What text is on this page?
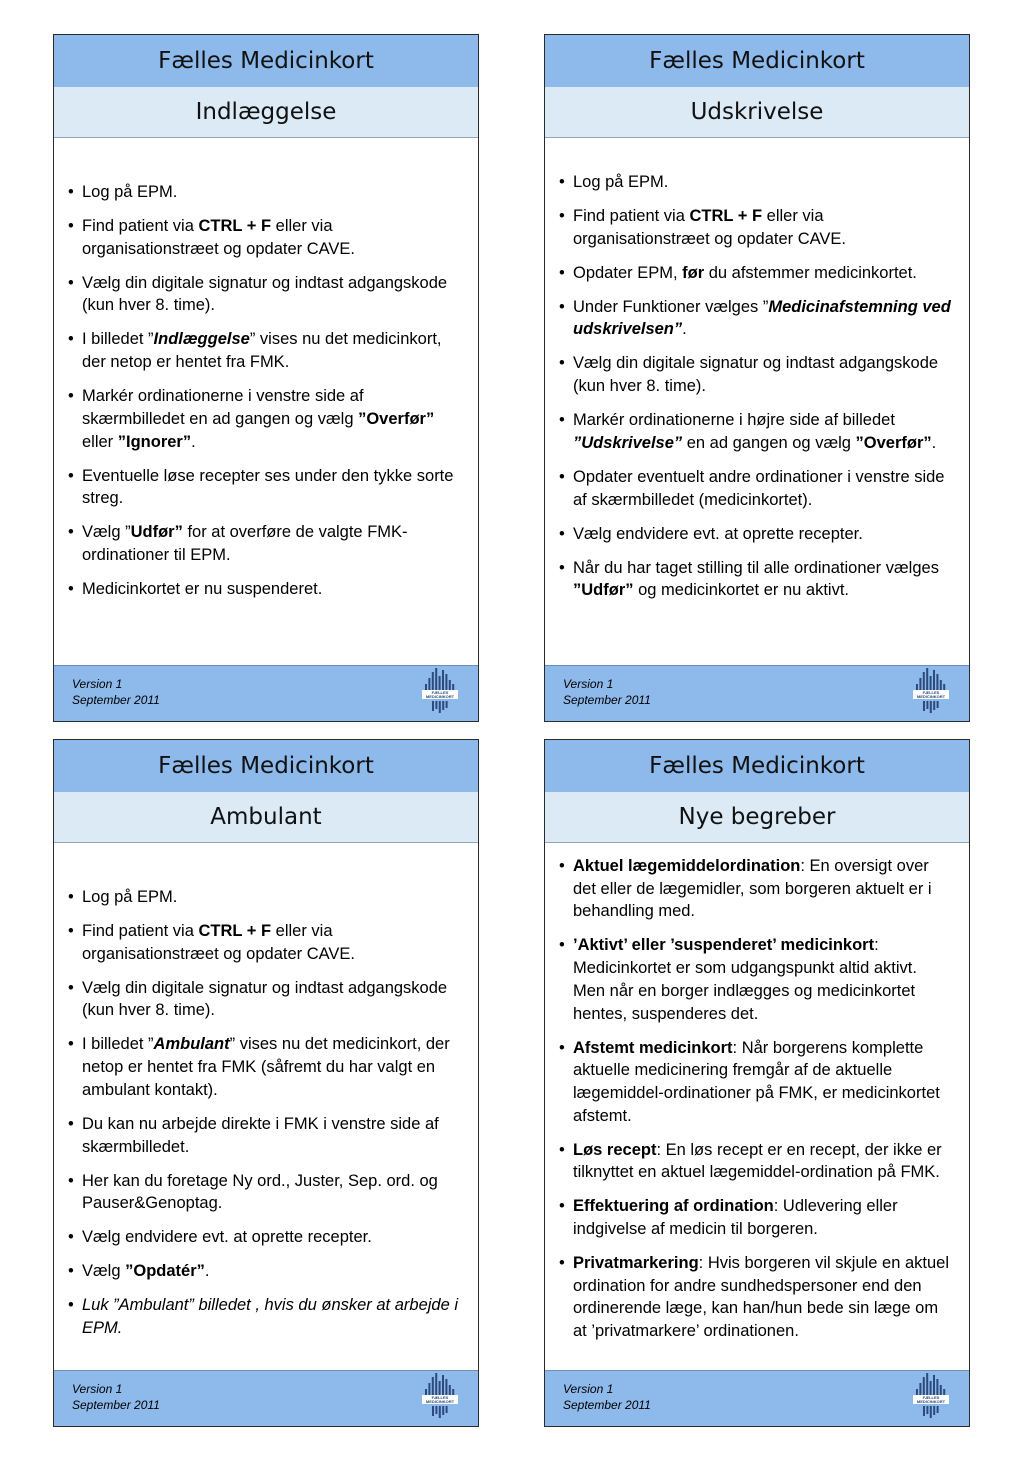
Fælles Medicinkort
Indlæggelse
• Log på EPM.
• Find patient via CTRL + F eller via organisationstræet og opdater CAVE.
• Vælg din digitale signatur og indtast adgangskode (kun hver 8. time).
• I billedet ”Indlæggelse” vises nu det medicinkort, der netop er hentet fra FMK.
• Markér ordinationerne i venstre side af skærmbilledet en ad gangen og vælg ”Overfør” eller ”Ignorer”.
• Eventuelle løse recepter ses under den tykke sorte streg.
• Vælg ”Udfør” for at overføre de valgte FMK-ordinationer til EPM.
• Medicinkortet er nu suspenderet.
Version 1
September 2011
FÆLLES
MEDICINKORT
Fælles Medicinkort
Udskrivelse
• Log på EPM.
• Find patient via CTRL + F eller via organisationstræet og opdater CAVE.
• Opdater EPM, før du afstemmer medicinkortet.
• Under Funktioner vælges ”Medicinafstemning ved udskrivelsen”.
• Vælg din digitale signatur og indtast adgangskode (kun hver 8. time).
• Markér ordinationerne i højre side af billedet ”Udskrivelse” en ad gangen og vælg ”Overfør”.
• Opdater eventuelt andre ordinationer i venstre side af skærmbilledet (medicinkortet).
• Vælg endvidere evt. at oprette recepter.
• Når du har taget stilling til alle ordinationer vælges ”Udfør” og medicinkortet er nu aktivt.
Version 1
September 2011
FÆLLES
MEDICINKORT
Fælles Medicinkort
Ambulant
• Log på EPM.
• Find patient via CTRL + F eller via organisationstræet og opdater CAVE.
• Vælg din digitale signatur og indtast adgangskode (kun hver 8. time).
• I billedet ”Ambulant” vises nu det medicinkort, der netop er hentet fra FMK (såfremt du har valgt en ambulant kontakt).
• Du kan nu arbejde direkte i FMK i venstre side af skærmbilledet.
• Her kan du foretage Ny ord., Juster, Sep. ord. og Pauser&Genoptag.
• Vælg endvidere evt. at oprette recepter.
• Vælg ”Opdatér”.
• Luk ”Ambulant” billedet , hvis du ønsker at arbejde i EPM.
Version 1
September 2011
FÆLLES
MEDICINKORT
Fælles Medicinkort
Nye begreber
• Aktuel lægemiddelordination: En oversigt over det eller de lægemidler, som borgeren aktuelt er i behandling med.
• ’Aktivt’ eller ’suspenderet’ medicinkort: Medicinkortet er som udgangspunkt altid aktivt. Men når en borger indlægges og medicinkortet hentes, suspenderes det.
• Afstemt medicinkort: Når borgerens komplette aktuelle medicinering fremgår af de aktuelle lægemiddel-ordinationer på FMK, er medicinkortet afstemt.
• Løs recept: En løs recept er en recept, der ikke er tilknyttet en aktuel lægemiddel-ordination på FMK.
• Effektuering af ordination: Udlevering eller indgivelse af medicin til borgeren.
• Privatmarkering: Hvis borgeren vil skjule en aktuel ordination for andre sundhedspersoner end den ordinerende læge, kan han/hun bede sin læge om at ’privatmarkere’ ordinationen.
Version 1
September 2011
FÆLLES
MEDICINKORT
